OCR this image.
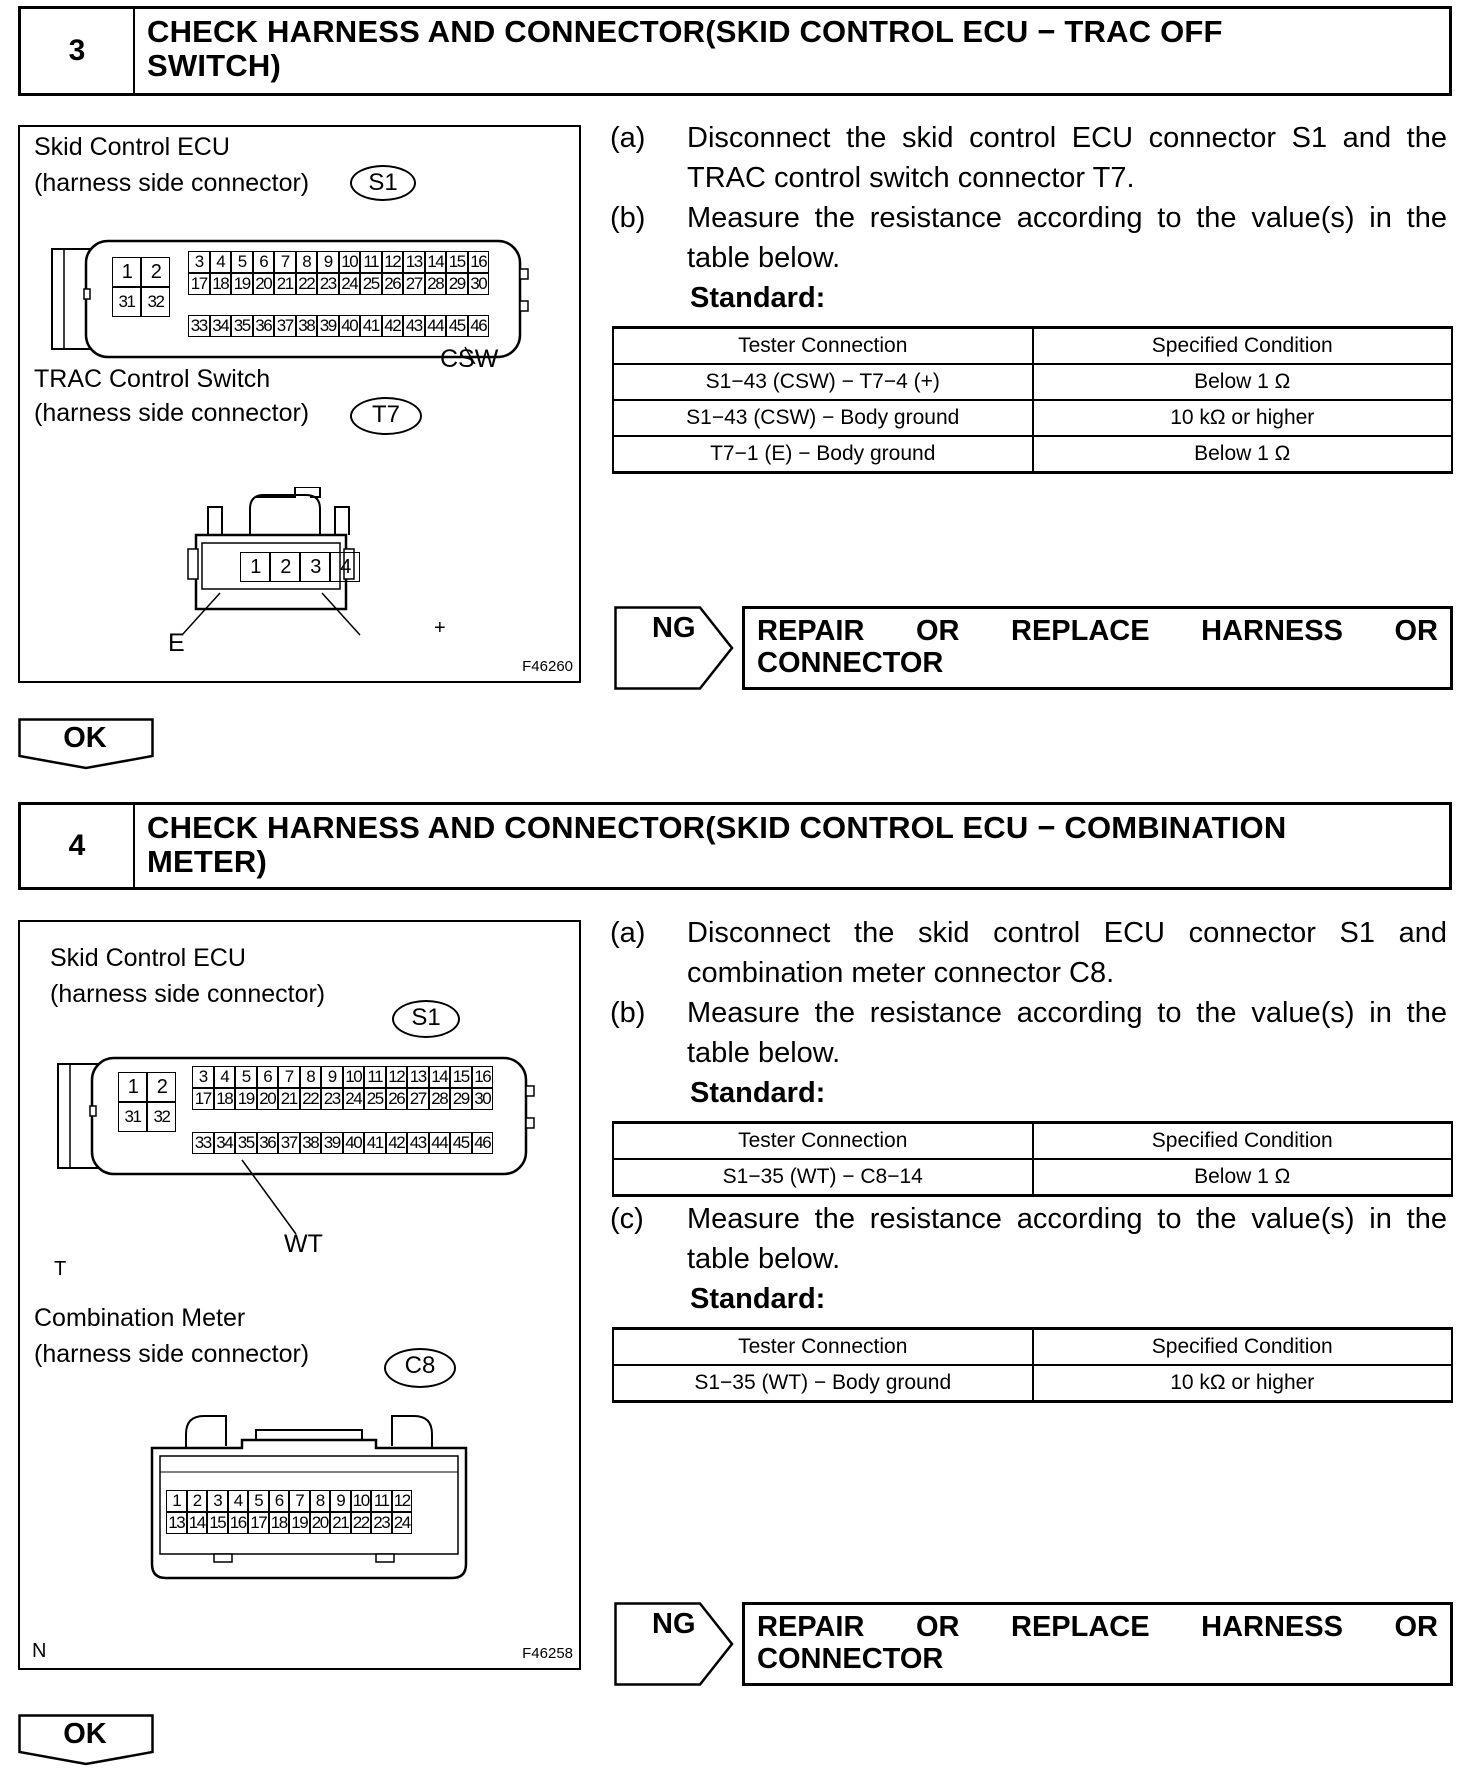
3
CHECK HARNESS AND CONNECTOR(SKID CONTROL ECU − TRAC OFF
SWITCH)
Skid Control ECU
(harness side connector)	S1
1 2
31 32
3 4 5 6 7 8 9 10 11 12 13 14 15 16
17 18 19 20 21 22 23 24 25 26 27 28 29 30
33 34 35 36 37 38 39 40 41 42 43 44 45 46
CSW
TRAC Control Switch
(harness side connector)	T7
1	2	3	4
E
+
F46260
(a) Disconnect the skid control ECU connector S1 and the TRAC control switch connector T7.
(b) Measure the resistance according to the value(s) in the table below.
Standard:
Tester Connection	Specified Condition
S1−43 (CSW) − T7−4 (+)	Below 1 Ω
S1−43 (CSW) − Body ground	10 kΩ or higher
T7−1 (E) − Body ground	Below 1 Ω
NG REPAIR OR REPLACE HARNESS OR
CONNECTOR
OK
4
CHECK HARNESS AND CONNECTOR(SKID CONTROL ECU − COMBINATION
METER)
Skid Control ECU
(harness side connector)
S1
1 2
31 32
3 4 5 6 7 8 9 10 11 12 13 14 15 16
17 18 19 20 21 22 23 24 25 26 27 28 29 30
33 34 35 36 37 38 39 40 41 42 43 44 45 46
WT
T
Combination Meter
(harness side connector)	C8
1 2 3 4 5 6 7 8 9 10 11 12
13 14 15 16 17 18 19 20 21 22 23 24
N	F46258
(a) Disconnect the skid control ECU connector S1 and combination meter connector C8.
(b) Measure the resistance according to the value(s) in the table below.
Standard:
Tester Connection	Specified Condition
S1−35 (WT) − C8−14	Below 1 Ω
(c) Measure the resistance according to the value(s) in the table below.
Standard:
Tester Connection	Specified Condition
S1−35 (WT) − Body ground	10 kΩ or higher
NG REPAIR OR REPLACE HARNESS OR
CONNECTOR
OK
